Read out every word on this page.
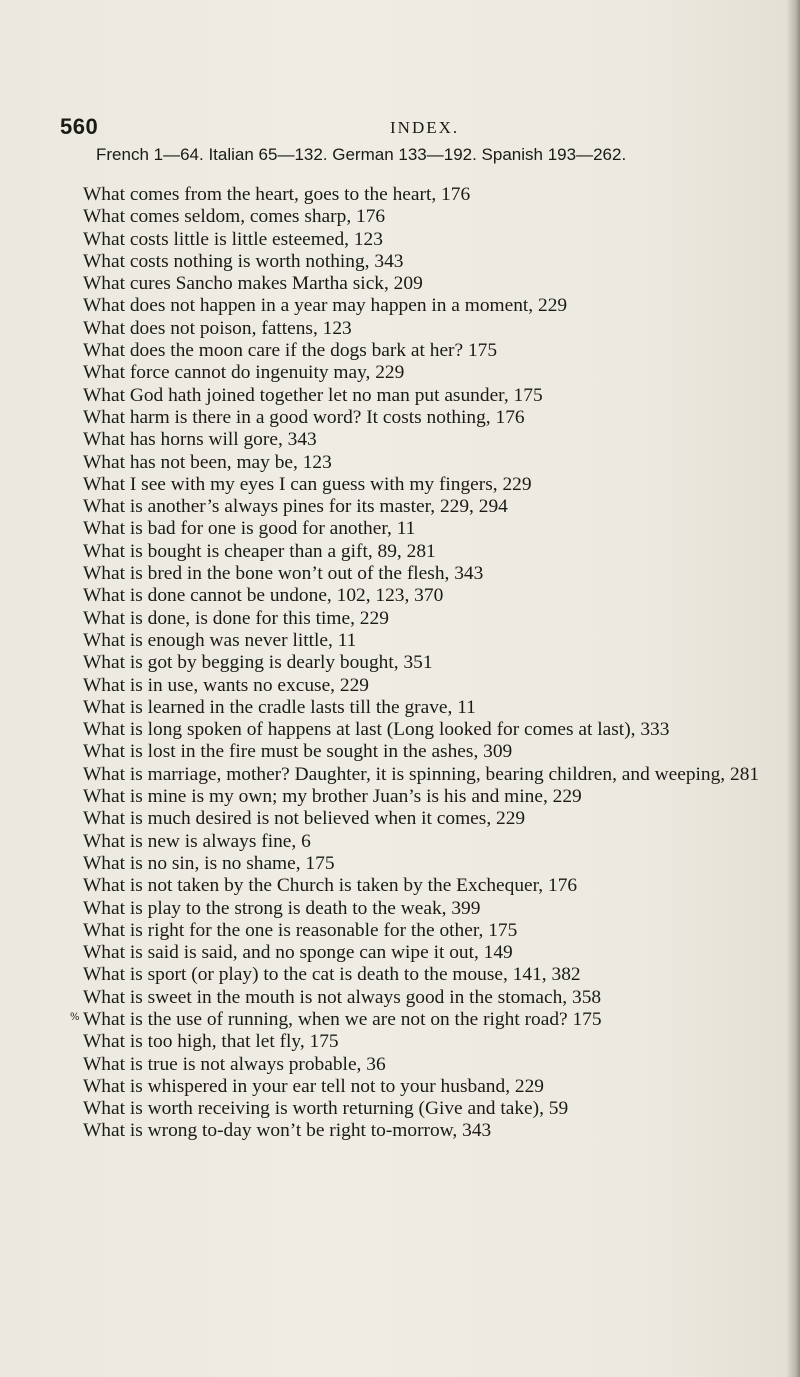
560	INDEX.
French 1—64. Italian 65—132. German 133—192. Spanish 193—262.
%
What comes from the heart, goes to the heart, 176
What comes seldom, comes sharp, 176
What costs little is little esteemed, 123
What costs nothing is worth nothing, 343
What cures Sancho makes Martha sick, 209
What does not happen in a year may happen in a moment, 229
What does not poison, fattens, 123
What does the moon care if the dogs bark at her? 175
What force cannot do ingenuity may, 229
What God hath joined together let no man put asunder, 175
What harm is there in a good word? It costs nothing, 176
What has horns will gore, 343
What has not been, may be, 123
What I see with my eyes I can guess with my fingers, 229
What is another’s always pines for its master, 229, 294
What is bad for one is good for another, 11
What is bought is cheaper than a gift, 89, 281
What is bred in the bone won’t out of the flesh, 343
What is done cannot be undone, 102, 123, 370
What is done, is done for this time, 229
What is enough was never little, 11
What is got by begging is dearly bought, 351
What is in use, wants no excuse, 229
What is learned in the cradle lasts till the grave, 11
What is long spoken of happens at last (Long looked for comes at last), 333
What is lost in the fire must be sought in the ashes, 309
What is marriage, mother? Daughter, it is spinning, bearing children, and weeping, 281
What is mine is my own; my brother Juan’s is his and mine, 229
What is much desired is not believed when it comes, 229
What is new is always fine, 6
What is no sin, is no shame, 175
What is not taken by the Church is taken by the Exchequer, 176
What is play to the strong is death to the weak, 399
What is right for the one is reasonable for the other, 175
What is said is said, and no sponge can wipe it out, 149
What is sport (or play) to the cat is death to the mouse, 141, 382
What is sweet in the mouth is not always good in the stomach, 358
What is the use of running, when we are not on the right road? 175
What is too high, that let fly, 175
What is true is not always probable, 36
What is whispered in your ear tell not to your husband, 229
What is worth receiving is worth returning (Give and take), 59
What is wrong to-day won’t be right to-morrow, 343
